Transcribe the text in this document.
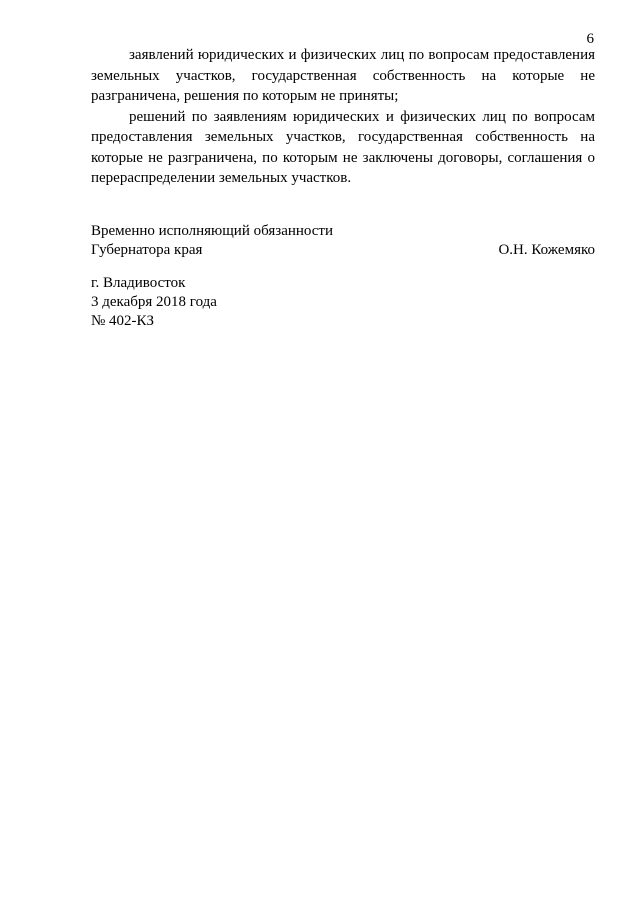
6

заявлений юридических и физических лиц по вопросам предоставления земельных участков, государственная собственность на которые не разграничена, решения по которым не приняты;

решений по заявлениям юридических и физических лиц по вопросам предоставления земельных участков, государственная собственность на которые не разграничена, по которым не заключены договоры, соглашения о перераспределении земельных участков.

Временно исполняющий обязанности
Губернатора края	О.Н. Кожемяко
г. Владивосток
3 декабря 2018 года
№ 402-КЗ
